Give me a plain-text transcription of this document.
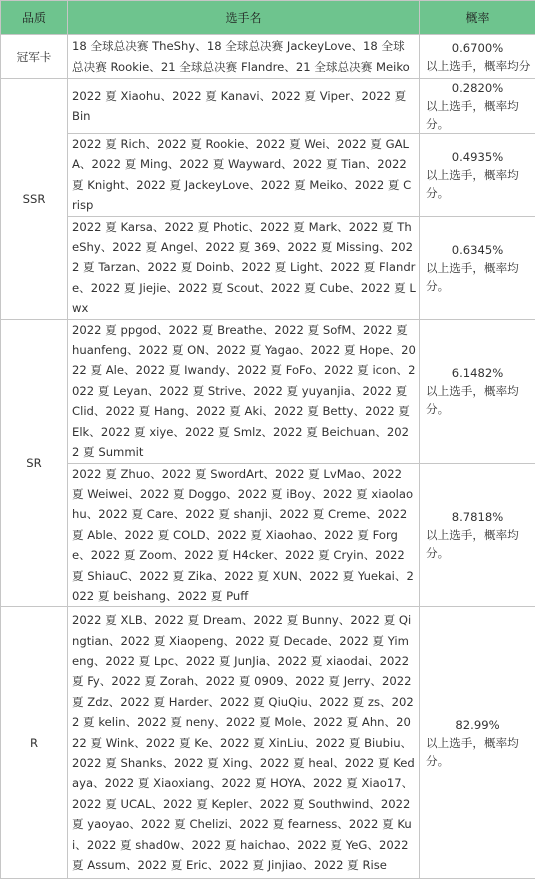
品质	选手名	概率
冠军卡	18 全球总决赛 TheShy、18 全球总决赛 JackeyLove、18 全球总决赛 Rookie、21 全球总决赛 Flandre、21 全球总决赛 Meiko	0.6700%
以上选手，概率均分

SSR	2022 夏 Xiaohu、2022 夏 Kanavi、2022 夏 Viper、2022 夏 Bin	0.2820%
以上选手，概率均分。

	2022 夏 Rich、2022 夏 Rookie、2022 夏 Wei、2022 夏 GALA、2022 夏 Ming、2022 夏 Wayward、2022 夏 Tian、2022 夏 Knight、2022 夏 JackeyLove、2022 夏 Meiko、2022 夏 Crisp	0.4935%
以上选手，概率均分。

	2022 夏 Karsa、2022 夏 Photic、2022 夏 Mark、2022 夏 TheShy、2022 夏 Angel、2022 夏 369、2022 夏 Missing、2022 夏 Tarzan、2022 夏 Doinb、2022 夏 Light、2022 夏 Flandre、2022 夏 Jiejie、2022 夏 Scout、2022 夏 Cube、2022 夏 Lwx	0.6345%
以上选手，概率均分。

SR	2022 夏 ppgod、2022 夏 Breathe、2022 夏 SofM、2022 夏 huanfeng、2022 夏 ON、2022 夏 Yagao、2022 夏 Hope、2022 夏 Ale、2022 夏 Iwandy、2022 夏 FoFo、2022 夏 icon、2022 夏 Leyan、2022 夏 Strive、2022 夏 yuyanjia、2022 夏 Clid、2022 夏 Hang、2022 夏 Aki、2022 夏 Betty、2022 夏 Elk、2022 夏 xiye、2022 夏 Smlz、2022 夏 Beichuan、2022 夏 Summit	6.1482%
以上选手，概率均分。

	2022 夏 Zhuo、2022 夏 SwordArt、2022 夏 LvMao、2022 夏 Weiwei、2022 夏 Doggo、2022 夏 iBoy、2022 夏 xiaolaohu、2022 夏 Care、2022 夏 shanji、2022 夏 Creme、2022 夏 Able、2022 夏 COLD、2022 夏 Xiaohao、2022 夏 Forge、2022 夏 Zoom、2022 夏 H4cker、2022 夏 Cryin、2022 夏 ShiauC、2022 夏 Zika、2022 夏 XUN、2022 夏 Yuekai、2022 夏 beishang、2022 夏 Puff	8.7818%
以上选手，概率均分。

R	2022 夏 XLB、2022 夏 Dream、2022 夏 Bunny、2022 夏 Qingtian、2022 夏 Xiaopeng、2022 夏 Decade、2022 夏 Yimeng、2022 夏 Lpc、2022 夏 JunJia、2022 夏 xiaodai、2022 夏 Fy、2022 夏 Zorah、2022 夏 0909、2022 夏 Jerry、2022 夏 Zdz、2022 夏 Harder、2022 夏 QiuQiu、2022 夏 zs、2022 夏 kelin、2022 夏 neny、2022 夏 Mole、2022 夏 Ahn、2022 夏 Wink、2022 夏 Ke、2022 夏 XinLiu、2022 夏 Biubiu、2022 夏 Shanks、2022 夏 Xing、2022 夏 heal、2022 夏 Kedaya、2022 夏 Xiaoxiang、2022 夏 HOYA、2022 夏 Xiao17、2022 夏 UCAL、2022 夏 Kepler、2022 夏 Southwind、2022 夏 yaoyao、2022 夏 Chelizi、2022 夏 fearness、2022 夏 Kui、2022 夏 shad0w、2022 夏 haichao、2022 夏 YeG、2022 夏 Assum、2022 夏 Eric、2022 夏 Jinjiao、2022 夏 Rise	82.99%
以上选手，概率均分。
